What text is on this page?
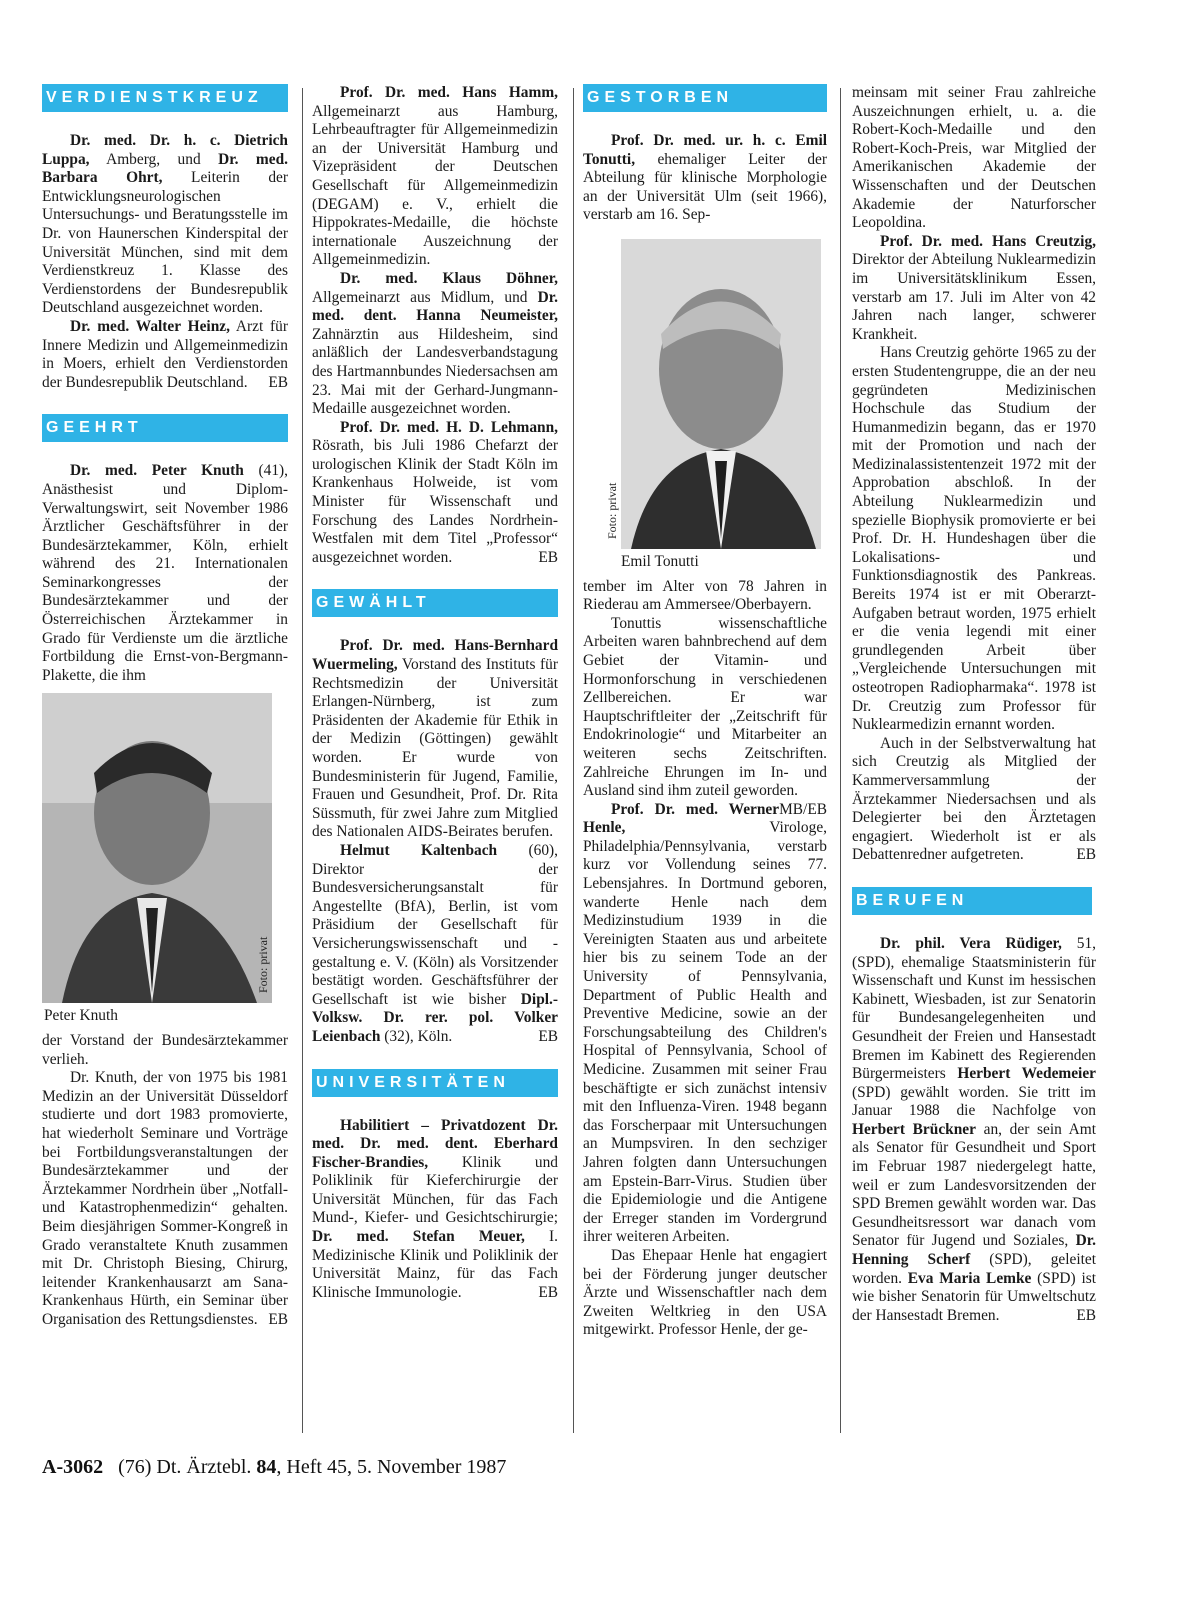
VERDIENSTKREUZ

Dr. med. Dr. h. c. Dietrich Luppa, Amberg, und Dr. med. Barbara Ohrt, Leiterin der Entwicklungsneurologischen Untersuchungs- und Beratungsstelle im Dr. von Haunerschen Kinderspital der Universität München, sind mit dem Verdienstkreuz 1. Klasse des Verdienstordens der Bundesrepublik Deutschland ausgezeichnet worden.

Dr. med. Walter Heinz, Arzt für Innere Medizin und Allgemeinmedizin in Moers, erhielt den Verdienstorden der Bundesrepublik Deutschland. EB

GEEHRT

Dr. med. Peter Knuth (41), Anästhesist und Diplom-Verwaltungswirt, seit November 1986 Ärztlicher Geschäftsführer in der Bundesärztekammer, Köln, erhielt während des 21. Internationalen Seminarkongresses der Bundesärztekammer und der Österreichischen Ärztekammer in Grado für Verdienste um die ärztliche Fortbildung die Ernst-von-Bergmann-Plakette, die ihm

Foto: privat
Peter Knuth

der Vorstand der Bundesärztekammer verlieh.

Dr. Knuth, der von 1975 bis 1981 Medizin an der Universität Düsseldorf studierte und dort 1983 promovierte, hat wiederholt Seminare und Vorträge bei Fortbildungsveranstaltungen der Bundesärztekammer und der Ärztekammer Nordrhein über „Notfall- und Katastrophenmedizin“ gehalten. Beim diesjährigen Sommer-Kongreß in Grado veranstaltete Knuth zusammen mit Dr. Christoph Biesing, Chirurg, leitender Krankenhausarzt am Sana-Krankenhaus Hürth, ein Seminar über Organisation des Rettungsdienstes. EB

Prof. Dr. med. Hans Hamm, Allgemeinarzt aus Hamburg, Lehrbeauftragter für Allgemeinmedizin an der Universität Hamburg und Vizepräsident der Deutschen Gesellschaft für Allgemeinmedizin (DEGAM) e. V., erhielt die Hippokrates-Medaille, die höchste internationale Auszeichnung der Allgemeinmedizin.

Dr. med. Klaus Döhner, Allgemeinarzt aus Midlum, und Dr. med. dent. Hanna Neumeister, Zahnärztin aus Hildesheim, sind anläßlich der Landesverbandstagung des Hartmannbundes Niedersachsen am 23. Mai mit der Gerhard-Jungmann-Medaille ausgezeichnet worden.

Prof. Dr. med. H. D. Lehmann, Rösrath, bis Juli 1986 Chefarzt der urologischen Klinik der Stadt Köln im Krankenhaus Holweide, ist vom Minister für Wissenschaft und Forschung des Landes Nordrhein-Westfalen mit dem Titel „Professor“ ausgezeichnet worden.	EB

GEWÄHLT

Prof. Dr. med. Hans-Bernhard Wuermeling, Vorstand des Instituts für Rechtsmedizin der Universität Erlangen-Nürnberg, ist zum Präsidenten der Akademie für Ethik in der Medizin (Göttingen) gewählt worden. Er wurde von Bundesministerin für Jugend, Familie, Frauen und Gesundheit, Prof. Dr. Rita Süssmuth, für zwei Jahre zum Mitglied des Nationalen AIDS-Beirates berufen.

Helmut Kaltenbach (60), Direktor der Bundesversicherungsanstalt für Angestellte (BfA), Berlin, ist vom Präsidium der Gesellschaft für Versicherungswissenschaft und -gestaltung e. V. (Köln) als Vorsitzender bestätigt worden. Geschäftsführer der Gesellschaft ist wie bisher Dipl.-Volksw. Dr. rer. pol. Volker Leienbach (32), Köln.	EB

UNIVERSITÄTEN

Habilitiert – Privatdozent Dr. med. Dr. med. dent. Eberhard Fischer-Brandies, Klinik und Poliklinik für Kieferchirurgie der Universität München, für das Fach Mund-, Kiefer- und Gesichtschirurgie; Dr. med. Stefan Meuer, I. Medizinische Klinik und Poliklinik der Universität Mainz, für das Fach Klinische Immunologie.	EB

GESTORBEN

Prof. Dr. med. ur. h. c. Emil Tonutti, ehemaliger Leiter der Abteilung für klinische Morphologie an der Universität Ulm (seit 1966), verstarb am 16. Sep-

Foto: privat
Emil Tonutti

tember im Alter von 78 Jahren in Riederau am Ammersee/Oberbayern.

Tonuttis wissenschaftliche Arbeiten waren bahnbrechend auf dem Gebiet der Vitamin- und Hormonforschung in verschiedenen Zellbereichen. Er war Hauptschriftleiter der „Zeitschrift für Endokrinologie“ und Mitarbeiter an weiteren sechs Zeitschriften. Zahlreiche Ehrungen im In- und Ausland sind ihm zuteil geworden.
MB/EB

Prof. Dr. med. Werner Henle, Virologe, Philadelphia/Pennsylvania, verstarb kurz vor Vollendung seines 77. Lebensjahres. In Dortmund geboren, wanderte Henle nach dem Medizinstudium 1939 in die Vereinigten Staaten aus und arbeitete hier bis zu seinem Tode an der University of Pennsylvania, Department of Public Health and Preventive Medicine, sowie an der Forschungsabteilung des Children's Hospital of Pennsylvania, School of Medicine. Zusammen mit seiner Frau beschäftigte er sich zunächst intensiv mit den Influenza-Viren. 1948 begann das Forscherpaar mit Untersuchungen an Mumpsviren. In den sechziger Jahren folgten dann Untersuchungen am Epstein-Barr-Virus. Studien über die Epidemiologie und die Antigene der Erreger standen im Vordergrund ihrer weiteren Arbeiten.

Das Ehepaar Henle hat engagiert bei der Förderung junger deutscher Ärzte und Wissenschaftler nach dem Zweiten Weltkrieg in den USA mitgewirkt. Professor Henle, der ge-

meinsam mit seiner Frau zahlreiche Auszeichnungen erhielt, u. a. die Robert-Koch-Medaille und den Robert-Koch-Preis, war Mitglied der Amerikanischen Akademie der Wissenschaften und der Deutschen Akademie der Naturforscher Leopoldina.

Prof. Dr. med. Hans Creutzig, Direktor der Abteilung Nuklearmedizin im Universitätsklinikum Essen, verstarb am 17. Juli im Alter von 42 Jahren nach langer, schwerer Krankheit.

Hans Creutzig gehörte 1965 zu der ersten Studentengruppe, die an der neu gegründeten Medizinischen Hochschule das Studium der Humanmedizin begann, das er 1970 mit der Promotion und nach der Medizinalassistentenzeit 1972 mit der Approbation abschloß. In der Abteilung Nuklearmedizin und spezielle Biophysik promovierte er bei Prof. Dr. H. Hundeshagen über die Lokalisations- und Funktionsdiagnostik des Pankreas. Bereits 1974 ist er mit Oberarzt-Aufgaben betraut worden, 1975 erhielt er die venia legendi mit einer grundlegenden Arbeit über „Vergleichende Untersuchungen mit osteotropen Radiopharmaka“. 1978 ist Dr. Creutzig zum Professor für Nuklearmedizin ernannt worden.

Auch in der Selbstverwaltung hat sich Creutzig als Mitglied der Kammerversammlung der Ärztekammer Niedersachsen und als Delegierter bei den Ärztetagen engagiert. Wiederholt ist er als Debattenredner aufgetreten.	EB

BERUFEN

Dr. phil. Vera Rüdiger, 51, (SPD), ehemalige Staatsministerin für Wissenschaft und Kunst im hessischen Kabinett, Wiesbaden, ist zur Senatorin für Bundesangelegenheiten und Gesundheit der Freien und Hansestadt Bremen im Kabinett des Regierenden Bürgermeisters Herbert Wedemeier (SPD) gewählt worden. Sie tritt im Januar 1988 die Nachfolge von Herbert Brückner an, der sein Amt als Senator für Gesundheit und Sport im Februar 1987 niedergelegt hatte, weil er zum Landesvorsitzenden der SPD Bremen gewählt worden war. Das Gesundheitsressort war danach vom Senator für Jugend und Soziales, Dr. Henning Scherf (SPD), geleitet worden. Eva Maria Lemke (SPD) ist wie bisher Senatorin für Umweltschutz der Hansestadt Bremen.	EB

A-3062 (76) Dt. Ärztebl. 84, Heft 45, 5. November 1987
